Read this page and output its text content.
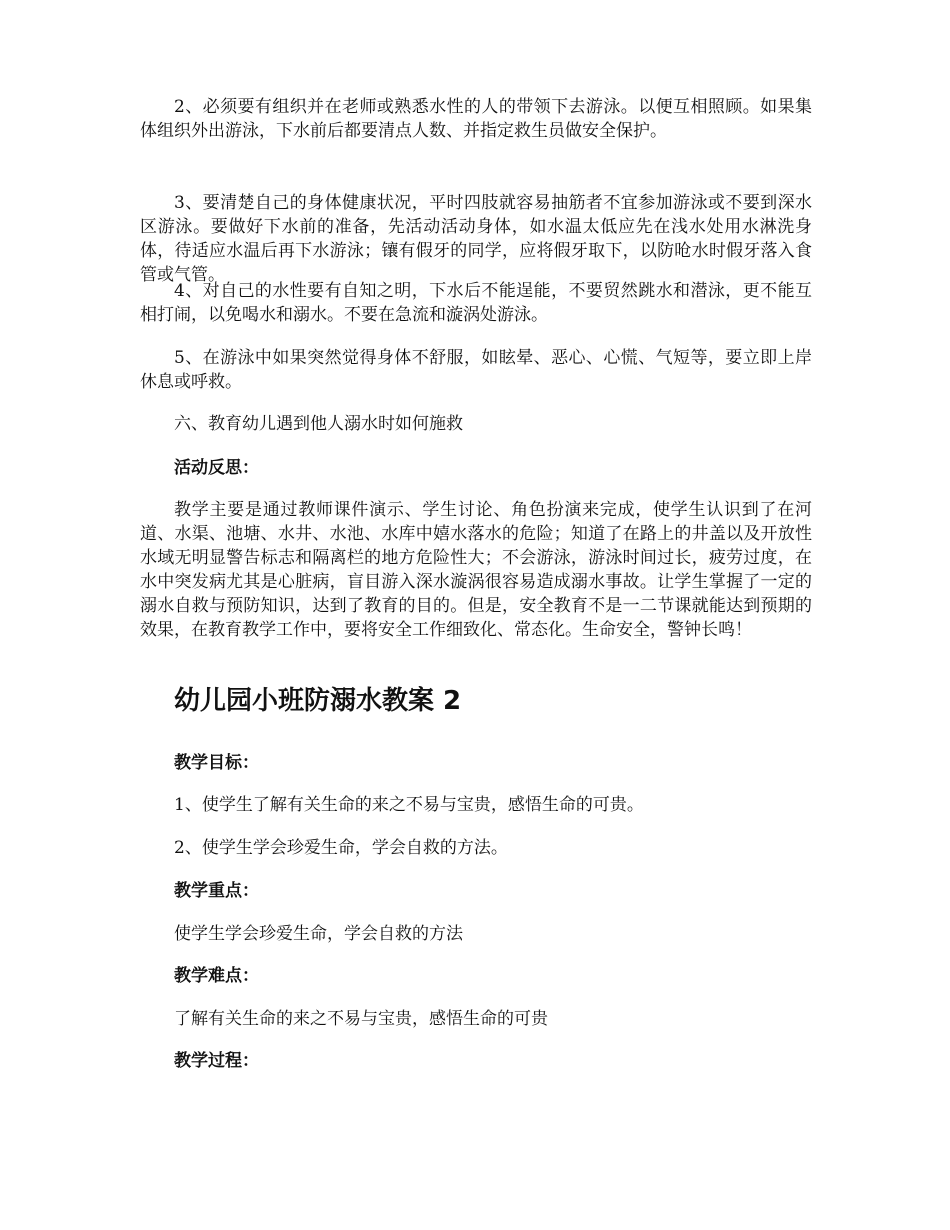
2、必须要有组织并在老师或熟悉水性的人的带领下去游泳。以便互相照顾。如果集体组织外出游泳，下水前后都要清点人数、并指定救生员做安全保护。

3、要清楚自己的身体健康状况，平时四肢就容易抽筋者不宜参加游泳或不要到深水区游泳。要做好下水前的准备，先活动活动身体，如水温太低应先在浅水处用水淋洗身体，待适应水温后再下水游泳；镶有假牙的同学，应将假牙取下，以防呛水时假牙落入食管或气管。

4、对自己的水性要有自知之明，下水后不能逞能，不要贸然跳水和潜泳，更不能互相打闹，以免喝水和溺水。不要在急流和漩涡处游泳。

5、在游泳中如果突然觉得身体不舒服，如眩晕、恶心、心慌、气短等，要立即上岸休息或呼救。

六、教育幼儿遇到他人溺水时如何施救

活动反思：

教学主要是通过教师课件演示、学生讨论、角色扮演来完成，使学生认识到了在河道、水渠、池塘、水井、水池、水库中嬉水落水的危险；知道了在路上的井盖以及开放性水域无明显警告标志和隔离栏的地方危险性大；不会游泳，游泳时间过长，疲劳过度，在水中突发病尤其是心脏病，盲目游入深水漩涡很容易造成溺水事故。让学生掌握了一定的溺水自救与预防知识，达到了教育的目的。但是，安全教育不是一二节课就能达到预期的效果，在教育教学工作中，要将安全工作细致化、常态化。生命安全，警钟长鸣！

幼儿园小班防溺水教案 2

教学目标：

1、使学生了解有关生命的来之不易与宝贵，感悟生命的可贵。

2、使学生学会珍爱生命，学会自救的方法。

教学重点：

使学生学会珍爱生命，学会自救的方法

教学难点：

了解有关生命的来之不易与宝贵，感悟生命的可贵

教学过程：
